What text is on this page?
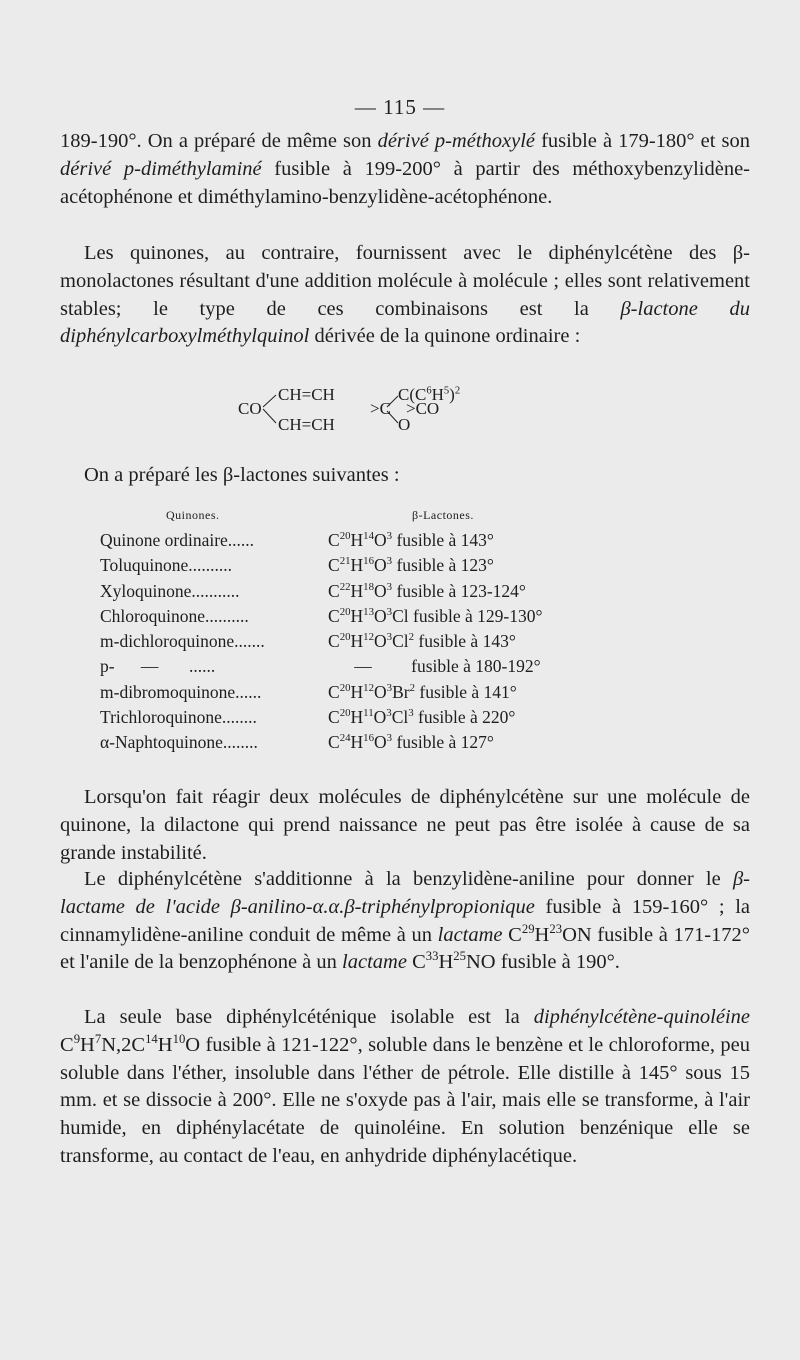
— 115 —

189-190°. On a préparé de même son dérivé p-méthoxylé fusible à 179-180° et son dérivé p-diméthylaminé fusible à 199-200° à partir des méthoxybenzylidène-acétophénone et diméthylamino-benzylidène-acétophénone.

Les quinones, au contraire, fournissent avec le diphénylcétène des β-monolactones résultant d'une addition molécule à molécule ; elles sont relativement stables; le type de ces combinaisons est la β-lactone du diphénylcarboxylméthylquinol dérivée de la quinone ordinaire :

CO
CH=CH
CH=CH
>C
$C(C^6H^5)^2$
>CO
O

On a préparé les β-lactones suivantes :

Quinones.	β-Lactones.
Quinone ordinaire......	$C^{20}H^{14}O^3$ fusible à 143°
Toluquinone..........	$C^{21}H^{16}O^3$ fusible à 123°
Xyloquinone...........	$C^{22}H^{18}O^3$ fusible à 123-124°
Chloroquinone..........	$C^{20}H^{13}O^3Cl$ fusible à 129-130°
m-dichloroquinone.......	$C^{20}H^{12}O^3Cl^2$ fusible à 143°
p-      —       ......	—         fusible à 180-192°
m-dibromoquinone......	$C^{20}H^{12}O^3Br^2$ fusible à 141°
Trichloroquinone........	$C^{20}H^{11}O^3Cl^3$ fusible à 220°
α-Naphtoquinone........	$C^{24}H^{16}O^3$ fusible à 127°

Lorsqu'on fait réagir deux molécules de diphénylcétène sur une molécule de quinone, la dilactone qui prend naissance ne peut pas être isolée à cause de sa grande instabilité.

Le diphénylcétène s'additionne à la benzylidène-aniline pour donner le β-lactame de l'acide β-anilino-α.α.β-triphénylpropionique fusible à 159-160° ; la cinnamylidène-aniline conduit de même à un lactame $C^{29}H^{23}ON$ fusible à 171-172° et l'anile de la benzophénone à un lactame $C^{33}H^{25}NO$ fusible à 190°.

La seule base diphénylcéténique isolable est la diphénylcétène-quinoléine $C^9H^7N,2C^{14}H^{10}O$ fusible à 121-122°, soluble dans le benzène et le chloroforme, peu soluble dans l'éther, insoluble dans l'éther de pétrole. Elle distille à 145° sous 15 mm. et se dissocie à 200°. Elle ne s'oxyde pas à l'air, mais elle se transforme, à l'air humide, en diphénylacétate de quinoléine. En solution benzénique elle se transforme, au contact de l'eau, en anhydride diphénylacétique.
